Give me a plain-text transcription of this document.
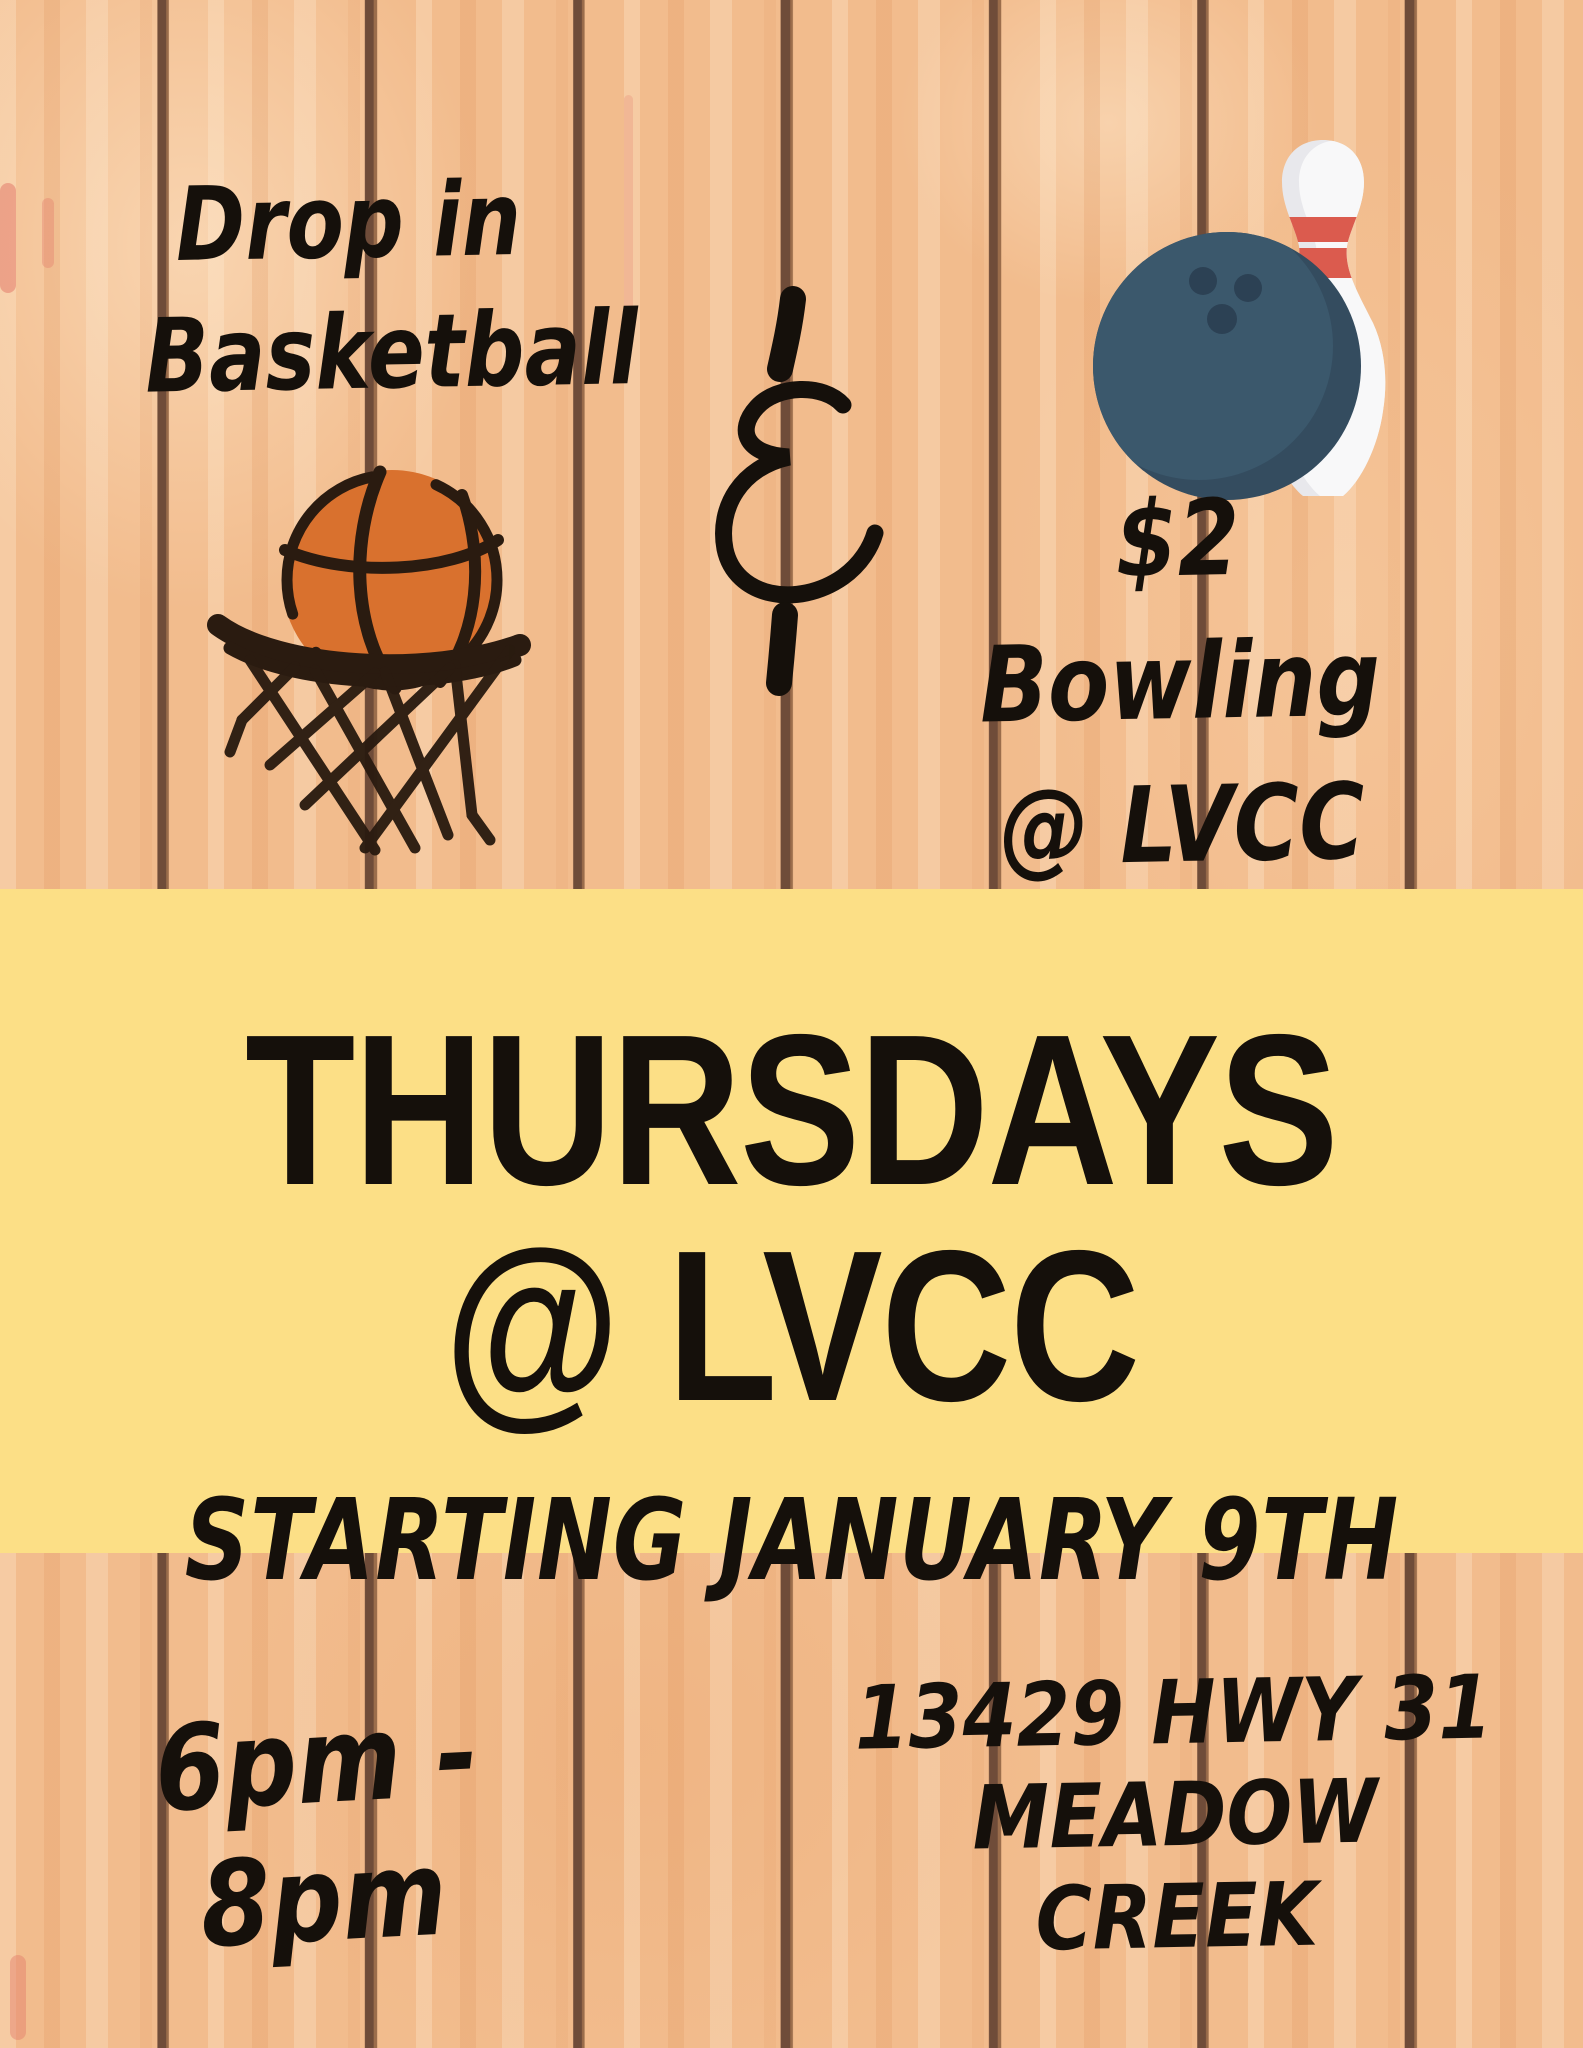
Drop in
Basketball
$2 Bowling
@ LVCC
THURSDAYS
@ LVCC
STARTING JANUARY 9TH
6pm - 8pm
13429 HWY 31
MEADOW CREEK
